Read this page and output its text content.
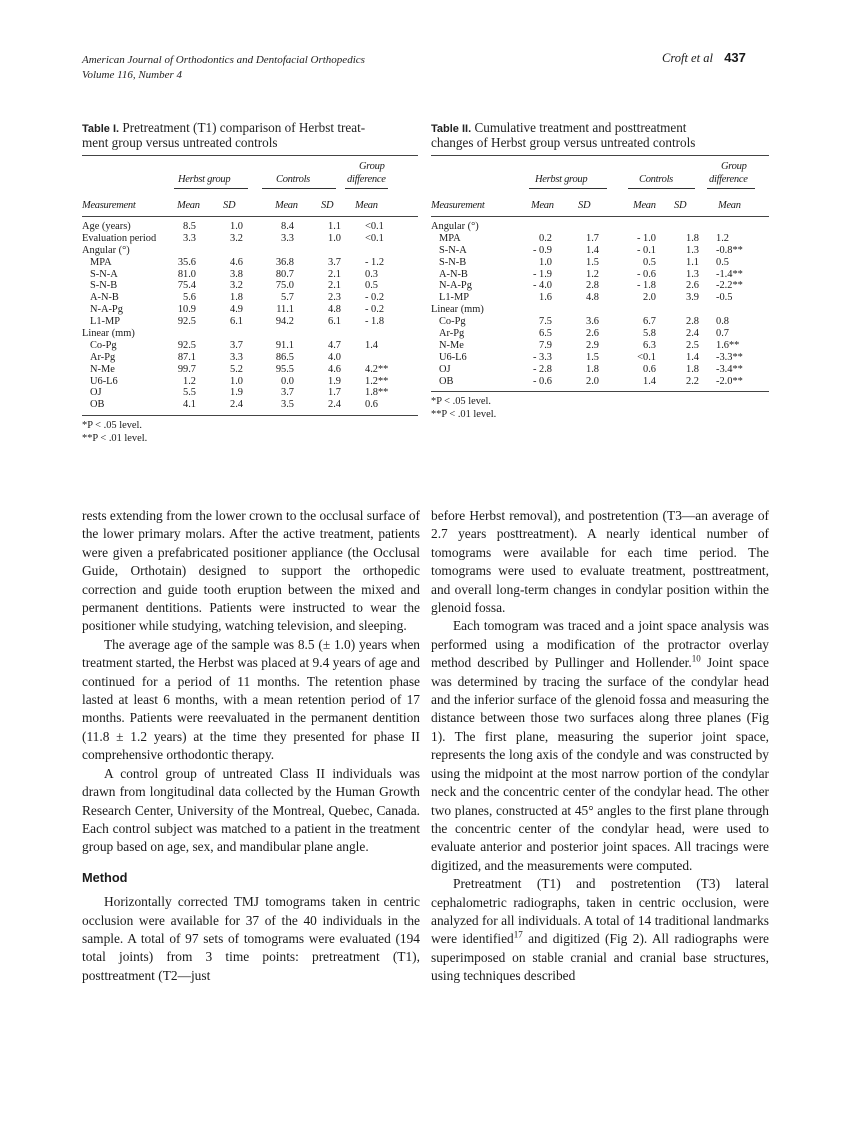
American Journal of Orthodontics and Dentofacial Orthopedics
Volume 116, Number 4
Croft et al 437
Table I. Pretreatment (T1) comparison of Herbst treat-
ment group versus untreated controls
Group
Herbst group	Controls	difference
Measurement	Mean SD	Mean SD Mean
Age (years)	8.5	1.0	8.4	1.1 <0.1
Evaluation period	3.3	3.2	3.3	1.0 <0.1
Angular (°)
MPA	35.6	4.6	36.8	3.7 - 1.2
S-N-A	81.0	3.8	80.7	2.1 0.3
S-N-B	75.4	3.2	75.0	2.1 0.5
A-N-B	5.6	1.8	5.7	2.3 - 0.2
N-A-Pg	10.9	4.9	11.1	4.8 - 0.2
L1-MP	92.5	6.1	94.2	6.1 - 1.8
Linear (mm)
Co-Pg	92.5	3.7	91.1	4.7 1.4
Ar-Pg	87.1	3.3	86.5	4.0
N-Me	99.7	5.2	95.5	4.6 4.2**
U6-L6	1.2	1.0	0.0	1.9 1.2**
OJ	5.5	1.9	3.7	1.7 1.8**
OB	4.1	2.4	3.5	2.4 0.6
*P < .05 level.
**P < .01 level.
Table II. Cumulative treatment and posttreatment
changes of Herbst group versus untreated controls
Group
Herbst group	Controls	difference
Measurement	Mean SD	Mean SD	Mean
Angular (°)
MPA	0.2	1.7	- 1.0	1.8 1.2
S-N-A	- 0.9	1.4	- 0.1	1.3 -0.8**
S-N-B	1.0	1.5	0.5	1.1 0.5
A-N-B	- 1.9	1.2	- 0.6	1.3 -1.4**
N-A-Pg	- 4.0	2.8	- 1.8	2.6 -2.2**
L1-MP	1.6	4.8	2.0	3.9 -0.5
Linear (mm)
Co-Pg	7.5	3.6	6.7	2.8 0.8
Ar-Pg	6.5	2.6	5.8	2.4 0.7
N-Me	7.9	2.9	6.3	2.5 1.6**
U6-L6	- 3.3	1.5	<0.1	1.4 -3.3**
OJ	- 2.8	1.8	0.6	1.8 -3.4**
OB	- 0.6	2.0	1.4	2.2 -2.0**
*P < .05 level.
**P < .01 level.

rests extending from the lower crown to the occlusal surface of the lower primary molars. After the active treatment, patients were given a prefabricated positioner appliance (the Occlusal Guide, Orthotain) designed to support the orthopedic correction and guide tooth eruption between the mixed and permanent dentitions. Patients were instructed to wear the positioner while studying, watching television, and sleeping.

The average age of the sample was 8.5 (± 1.0) years when treatment started, the Herbst was placed at 9.4 years of age and continued for a period of 11 months. The retention phase lasted at least 6 months, with a mean retention period of 17 months. Patients were reevaluated in the permanent dentition (11.8 ± 1.2 years) at the time they presented for phase II comprehensive orthodontic therapy.

A control group of untreated Class II individuals was drawn from longitudinal data collected by the Human Growth Research Center, University of the Montreal, Quebec, Canada. Each control subject was matched to a patient in the treatment group based on age, sex, and mandibular plane angle.

Method

Horizontally corrected TMJ tomograms taken in centric occlusion were available for 37 of the 40 individuals in the sample. A total of 97 sets of tomograms were evaluated (194 total joints) from 3 time points: pretreatment (T1), posttreatment (T2—just

before Herbst removal), and postretention (T3—an average of 2.7 years posttreatment). A nearly identical number of tomograms were available for each time period. The tomograms were used to evaluate treatment, posttreatment, and overall long-term changes in condylar position within the glenoid fossa.

Each tomogram was traced and a joint space analysis was performed using a modification of the protractor overlay method described by Pullinger and Hollender.$^{10}$ Joint space was determined by tracing the surface of the condylar head and the inferior surface of the glenoid fossa and measuring the distance between those two surfaces along three planes (Fig 1). The first plane, measuring the superior joint space, represents the long axis of the condyle and was constructed by using the midpoint at the most narrow portion of the condylar neck and the concentric center of the condylar head. The other two planes, constructed at 45° angles to the first plane through the concentric center of the condylar head, were used to evaluate anterior and posterior joint spaces. All tracings were digitized, and the measurements were computed.

Pretreatment (T1) and postretention (T3) lateral cephalometric radiographs, taken in centric occlusion, were analyzed for all individuals. A total of 14 traditional landmarks were identified$^{17}$ and digitized (Fig 2). All radiographs were superimposed on stable cranial and cranial base structures, using techniques described
